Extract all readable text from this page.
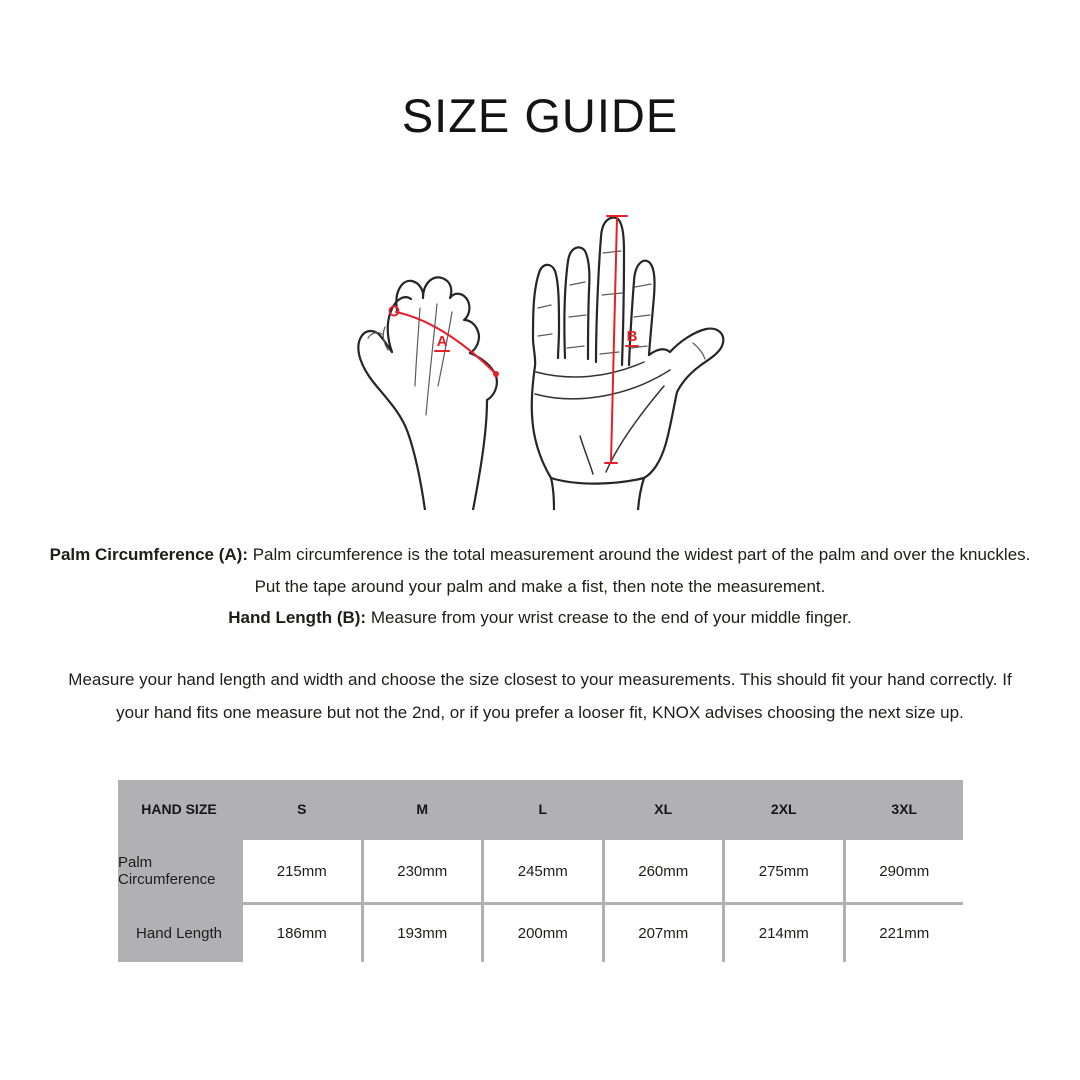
SIZE GUIDE
A	B

Palm Circumference (A): Palm circumference is the total measurement around the widest part of the palm and over the knuckles.

Put the tape around your palm and make a fist, then note the measurement.

Hand Length (B): Measure from your wrist crease to the end of your middle finger.

Measure your hand length and width and choose the size closest to your measurements. This should fit your hand correctly. If your hand fits one measure but not the 2nd, or if you prefer a looser fit, KNOX advises choosing the next size up.

HAND SIZE	S	M	L	XL	2XL	3XL
Palm Circumference	215mm	230mm	245mm	260mm	275mm	290mm
Hand Length	186mm	193mm	200mm	207mm	214mm	221mm
